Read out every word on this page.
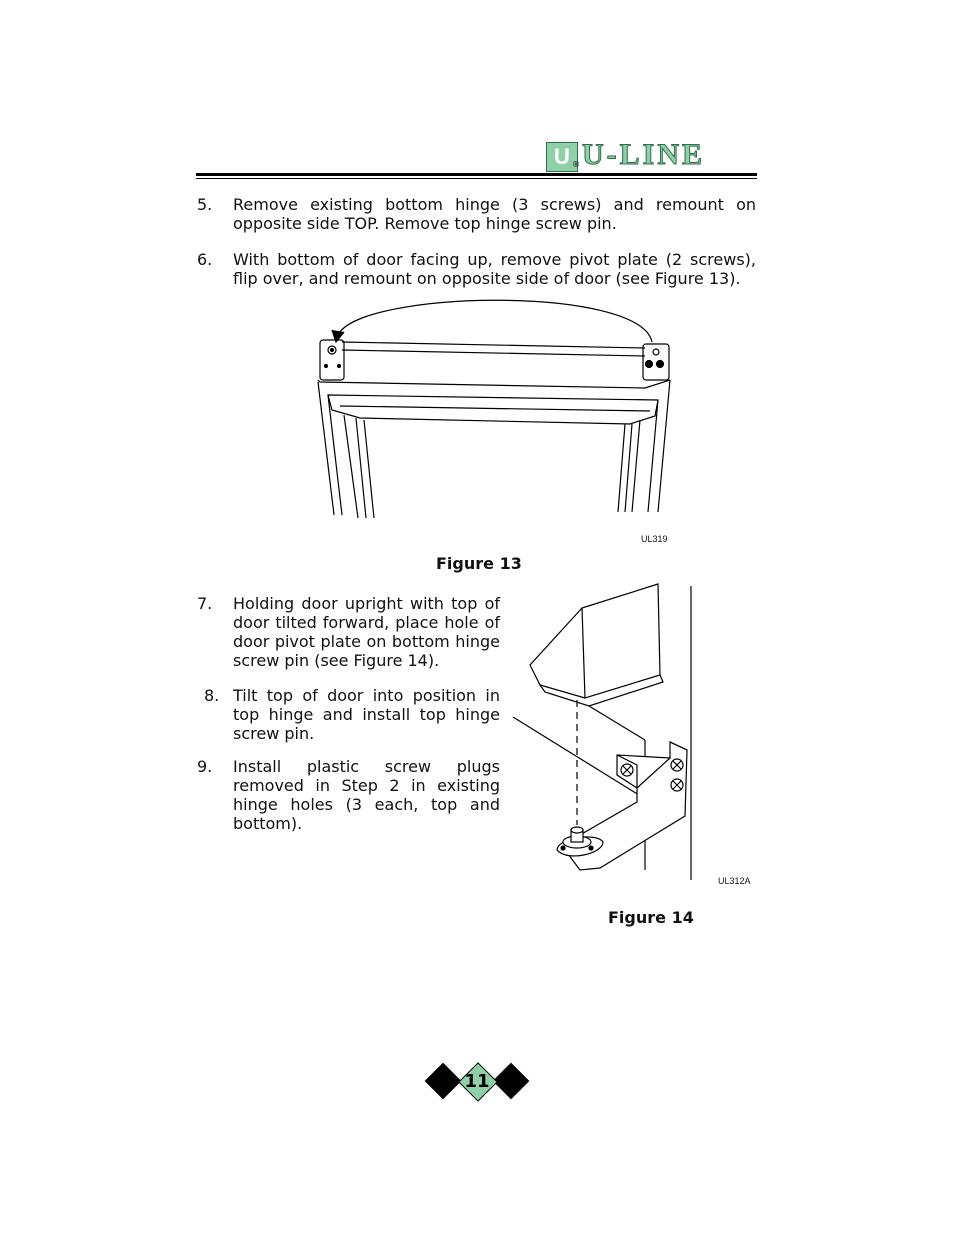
U ® U-LINE
5. Remove existing bottom hinge (3 screws) and remount on opposite side TOP. Remove top hinge screw pin.
6. With bottom of door facing up, remove pivot plate (2 screws), flip over, and remount on opposite side of door (see Figure 13).
UL319
Figure 13
7. Holding door upright with top of door tilted forward, place hole of door pivot plate on bottom hinge screw pin (see Figure 14).
8. Tilt top of door into position in top hinge and install top hinge screw pin.
9. Install plastic screw plugs removed in Step 2 in existing hinge holes (3 each, top and bottom).
UL312A
Figure 14
11
